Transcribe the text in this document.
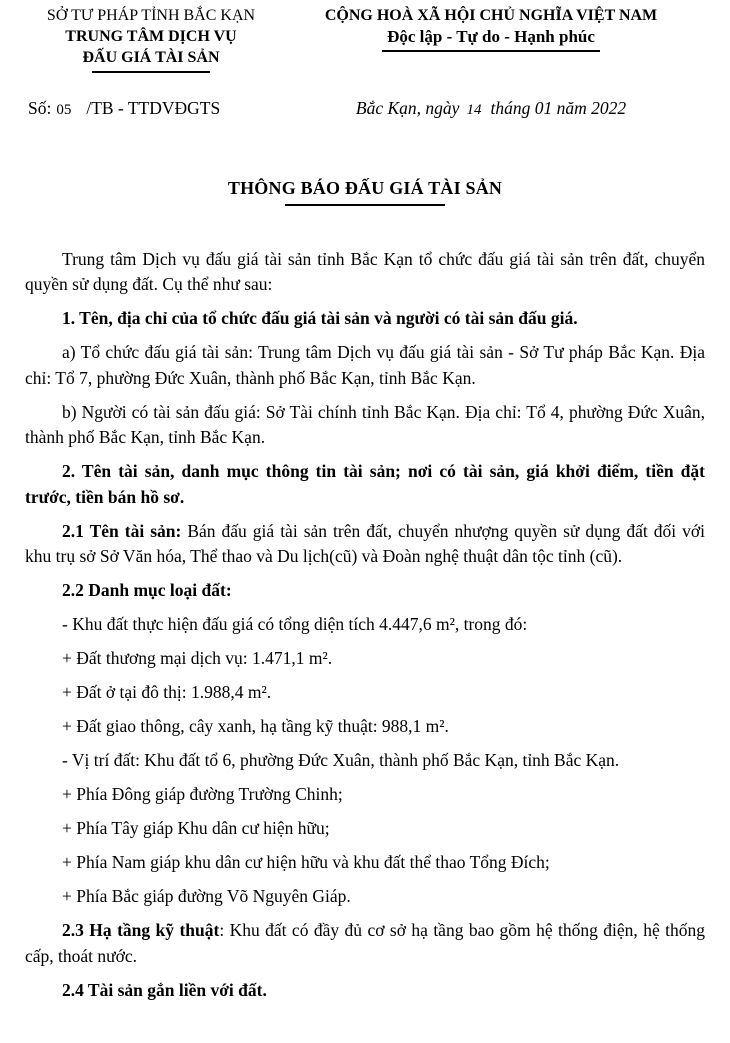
SỞ TƯ PHÁP TỈNH BẮC KẠN
TRUNG TÂM DỊCH VỤ
ĐẤU GIÁ TÀI SẢN
CỘNG HOÀ XÃ HỘI CHỦ NGHĨA VIỆT NAM
Độc lập - Tự do - Hạnh phúc
Số: 05 /TB - TTDVĐGTS	Bắc Kạn, ngày 14 tháng 01 năm 2022
THÔNG BÁO ĐẤU GIÁ TÀI SẢN

Trung tâm Dịch vụ đấu giá tài sản tỉnh Bắc Kạn tổ chức đấu giá tài sản trên đất, chuyển quyền sử dụng đất. Cụ thể như sau:

1. Tên, địa chỉ của tổ chức đấu giá tài sản và người có tài sản đấu giá.

a) Tổ chức đấu giá tài sản: Trung tâm Dịch vụ đấu giá tài sản - Sở Tư pháp Bắc Kạn. Địa chỉ: Tổ 7, phường Đức Xuân, thành phố Bắc Kạn, tỉnh Bắc Kạn.

b) Người có tài sản đấu giá: Sở Tài chính tỉnh Bắc Kạn. Địa chỉ: Tổ 4, phường Đức Xuân, thành phố Bắc Kạn, tỉnh Bắc Kạn.

2. Tên tài sản, danh mục thông tin tài sản; nơi có tài sản, giá khởi điểm, tiền đặt trước, tiền bán hồ sơ.

2.1 Tên tài sản: Bán đấu giá tài sản trên đất, chuyển nhượng quyền sử dụng đất đối với khu trụ sở Sở Văn hóa, Thể thao và Du lịch(cũ) và Đoàn nghệ thuật dân tộc tỉnh (cũ).

2.2 Danh mục loại đất:

- Khu đất thực hiện đấu giá có tổng diện tích 4.447,6 m², trong đó:

+ Đất thương mại dịch vụ: 1.471,1 m².

+ Đất ở tại đô thị: 1.988,4 m².

+ Đất giao thông, cây xanh, hạ tầng kỹ thuật: 988,1 m².

- Vị trí đất: Khu đất tổ 6, phường Đức Xuân, thành phố Bắc Kạn, tỉnh Bắc Kạn.

+ Phía Đông giáp đường Trường Chinh;

+ Phía Tây giáp Khu dân cư hiện hữu;

+ Phía Nam giáp khu dân cư hiện hữu và khu đất thể thao Tổng Đích;

+ Phía Bắc giáp đường Võ Nguyên Giáp.

2.3 Hạ tầng kỹ thuật: Khu đất có đầy đủ cơ sở hạ tầng bao gồm hệ thống điện, hệ thống cấp, thoát nước.

2.4 Tài sản gắn liền với đất.
